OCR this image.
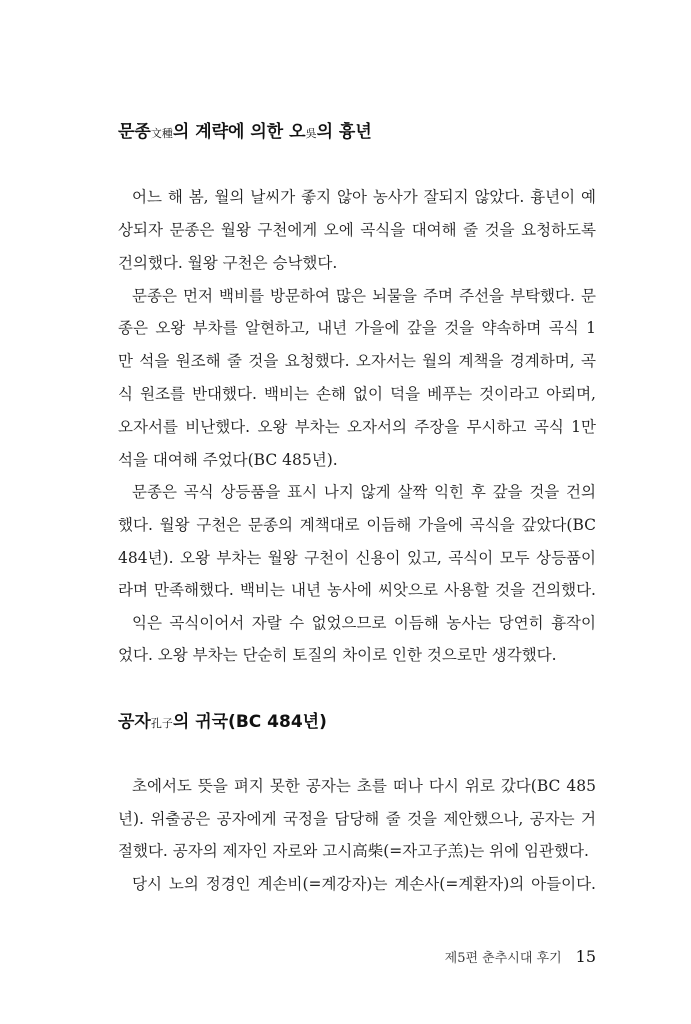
문종文種의 계략에 의한 오吳의 흉년
어느 해 봄, 월의 날씨가 좋지 않아 농사가 잘되지 않았다. 흉년이 예
상되자 문종은 월왕 구천에게 오에 곡식을 대여해 줄 것을 요청하도록
건의했다. 월왕 구천은 승낙했다.
문종은 먼저 백비를 방문하여 많은 뇌물을 주며 주선을 부탁했다. 문
종은 오왕 부차를 알현하고, 내년 가을에 갚을 것을 약속하며 곡식 1
만 석을 원조해 줄 것을 요청했다. 오자서는 월의 계책을 경계하며, 곡
식 원조를 반대했다. 백비는 손해 없이 덕을 베푸는 것이라고 아뢰며,
오자서를 비난했다. 오왕 부차는 오자서의 주장을 무시하고 곡식 1만
석을 대여해 주었다(BC 485년).
문종은 곡식 상등품을 표시 나지 않게 살짝 익힌 후 갚을 것을 건의
했다. 월왕 구천은 문종의 계책대로 이듬해 가을에 곡식을 갚았다(BC
484년). 오왕 부차는 월왕 구천이 신용이 있고, 곡식이 모두 상등품이
라며 만족해했다. 백비는 내년 농사에 씨앗으로 사용할 것을 건의했다.
익은 곡식이어서 자랄 수 없었으므로 이듬해 농사는 당연히 흉작이
었다. 오왕 부차는 단순히 토질의 차이로 인한 것으로만 생각했다.
공자孔子의 귀국(BC 484년)
초에서도 뜻을 펴지 못한 공자는 초를 떠나 다시 위로 갔다(BC 485
년). 위출공은 공자에게 국정을 담당해 줄 것을 제안했으나, 공자는 거
절했다. 공자의 제자인 자로와 고시高柴(=자고子羔)는 위에 임관했다.
당시 노의 정경인 계손비(=계강자)는 계손사(=계환자)의 아들이다.
제5편 춘추시대 후기 15
